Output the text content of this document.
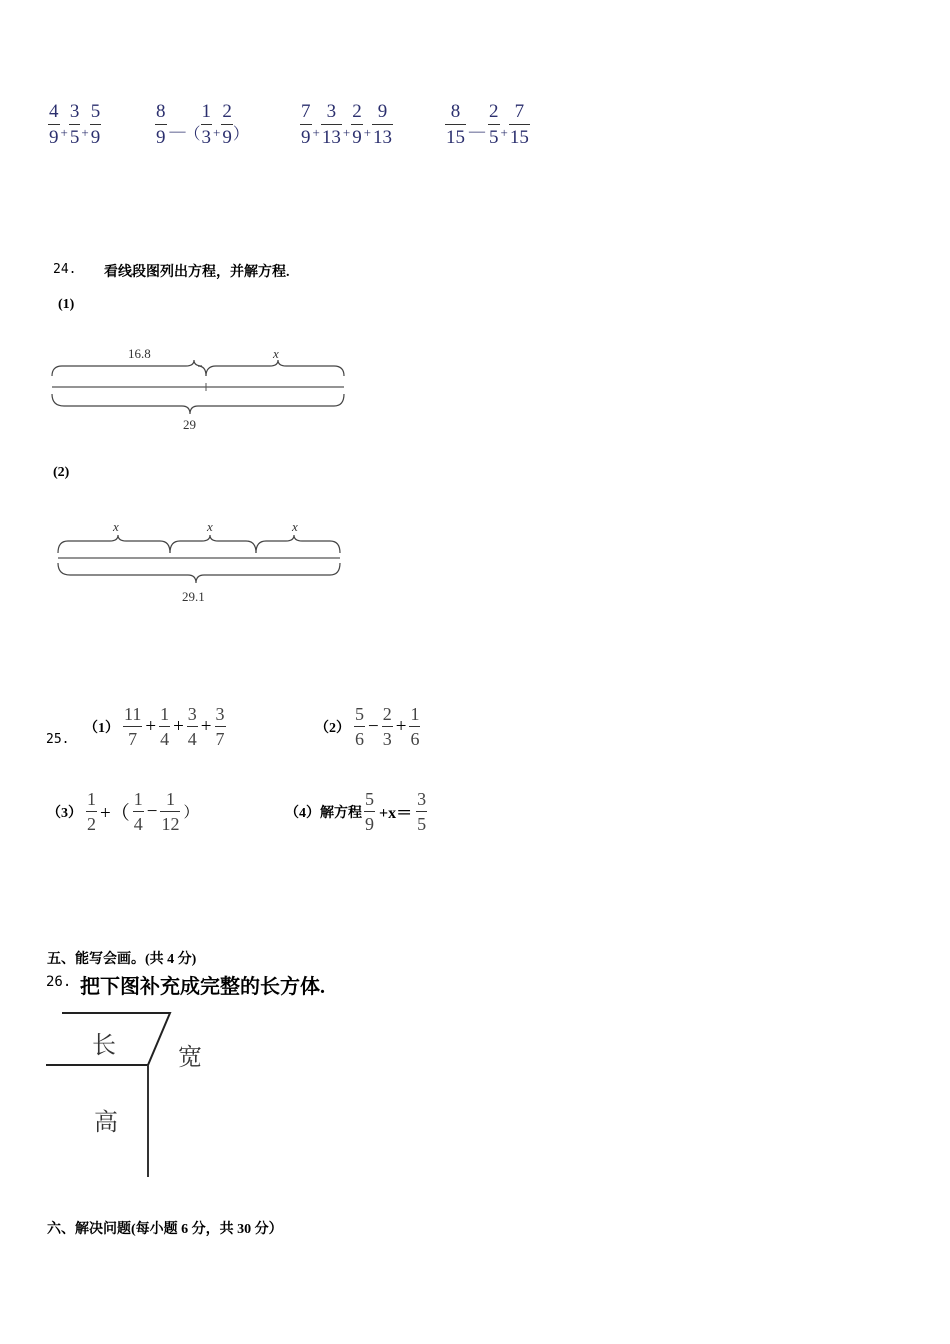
$\frac{4}{9} + \frac{3}{5} + \frac{5}{9}$	$\frac{8}{9}$ — （ $\frac{1}{3} + \frac{2}{9}$ ）	$\frac{7}{9} + \frac{3}{13} + \frac{2}{9} + \frac{9}{13}$	$\frac{8}{15}$ — $\frac{2}{5} + \frac{7}{15}$
24. 看线段图列出方程，并解方程.
(1)
16.8	x
29
(2)
x	x	x
29.1
25.
$(1) \frac{11}{7} + \frac{1}{4} + \frac{3}{4} + \frac{3}{7}$	$(2) \frac{5}{6} - \frac{2}{3} + \frac{1}{6}$
$(3) \frac{1}{2}$ +（ $\frac{1}{4} - \frac{1}{12}$ ）	（4）解方程 $\frac{5}{9} +x= \frac{3}{5}$
五、能写会画。(共 4 分)
26. 把下图补充成完整的长方体.
长	宽
高
六、解决问题(每小题 6 分，共 30 分）
